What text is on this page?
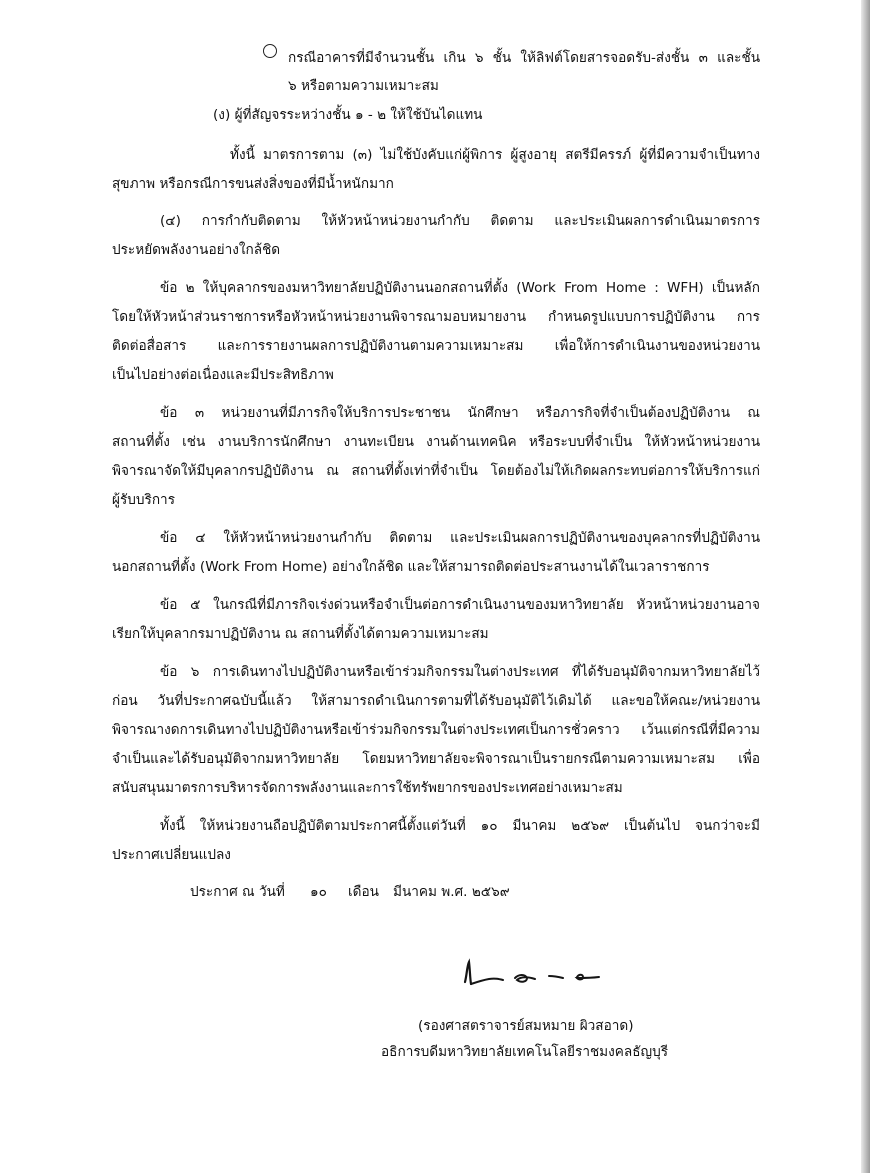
กรณีอาคารที่มีจำนวนชั้น เกิน ๖ ชั้น ให้ลิฟต์โดยสารจอดรับ-ส่งชั้น ๓ และชั้น
๖ หรือตามความเหมาะสม
(ง) ผู้ที่สัญจรระหว่างชั้น ๑ - ๒ ให้ใช้บันไดแทน
ทั้งนี้ มาตรการตาม (๓) ไม่ใช้บังคับแก่ผู้พิการ ผู้สูงอายุ สตรีมีครรภ์ ผู้ที่มีความจำเป็นทาง
สุขภาพ หรือกรณีการขนส่งสิ่งของที่มีน้ำหนักมาก
(๔) การกำกับติดตาม ให้หัวหน้าหน่วยงานกำกับ ติดตาม และประเมินผลการดำเนินมาตรการ
ประหยัดพลังงานอย่างใกล้ชิด
ข้อ ๒ ให้บุคลากรของมหาวิทยาลัยปฏิบัติงานนอกสถานที่ตั้ง (Work From Home : WFH) เป็นหลัก
โดยให้หัวหน้าส่วนราชการหรือหัวหน้าหน่วยงานพิจารณามอบหมายงาน กำหนดรูปแบบการปฏิบัติงาน การ
ติดต่อสื่อสาร และการรายงานผลการปฏิบัติงานตามความเหมาะสม เพื่อให้การดำเนินงานของหน่วยงาน
เป็นไปอย่างต่อเนื่องและมีประสิทธิภาพ
ข้อ ๓ หน่วยงานที่มีภารกิจให้บริการประชาชน นักศึกษา หรือภารกิจที่จำเป็นต้องปฏิบัติงาน ณ
สถานที่ตั้ง เช่น งานบริการนักศึกษา งานทะเบียน งานด้านเทคนิค หรือระบบที่จำเป็น ให้หัวหน้าหน่วยงาน
พิจารณาจัดให้มีบุคลากรปฏิบัติงาน ณ สถานที่ตั้งเท่าที่จำเป็น โดยต้องไม่ให้เกิดผลกระทบต่อการให้บริการแก่
ผู้รับบริการ
ข้อ ๔ ให้หัวหน้าหน่วยงานกำกับ ติดตาม และประเมินผลการปฏิบัติงานของบุคลากรที่ปฏิบัติงาน
นอกสถานที่ตั้ง (Work From Home) อย่างใกล้ชิด และให้สามารถติดต่อประสานงานได้ในเวลาราชการ
ข้อ ๕ ในกรณีที่มีภารกิจเร่งด่วนหรือจำเป็นต่อการดำเนินงานของมหาวิทยาลัย หัวหน้าหน่วยงานอาจ
เรียกให้บุคลากรมาปฏิบัติงาน ณ สถานที่ตั้งได้ตามความเหมาะสม
ข้อ ๖ การเดินทางไปปฏิบัติงานหรือเข้าร่วมกิจกรรมในต่างประเทศ ที่ได้รับอนุมัติจากมหาวิทยาลัยไว้
ก่อน วันที่ประกาศฉบับนี้แล้ว ให้สามารถดำเนินการตามที่ได้รับอนุมัติไว้เดิมได้ และขอให้คณะ/หน่วยงาน
พิจารณางดการเดินทางไปปฏิบัติงานหรือเข้าร่วมกิจกรรมในต่างประเทศเป็นการชั่วคราว เว้นแต่กรณีที่มีความ
จำเป็นและได้รับอนุมัติจากมหาวิทยาลัย โดยมหาวิทยาลัยจะพิจารณาเป็นรายกรณีตามความเหมาะสม เพื่อ
สนับสนุนมาตรการบริหารจัดการพลังงานและการใช้ทรัพยากรของประเทศอย่างเหมาะสม
ทั้งนี้ ให้หน่วยงานถือปฏิบัติตามประกาศนี้ตั้งแต่วันที่ ๑๐ มีนาคม ๒๕๖๙ เป็นต้นไป จนกว่าจะมี
ประกาศเปลี่ยนแปลง
ประกาศ ณ วันที่ ๑๐ เดือน มีนาคม พ.ศ. ๒๕๖๙
(รองศาสตราจารย์สมหมาย ผิวสอาด)
อธิการบดีมหาวิทยาลัยเทคโนโลยีราชมงคลธัญบุรี
